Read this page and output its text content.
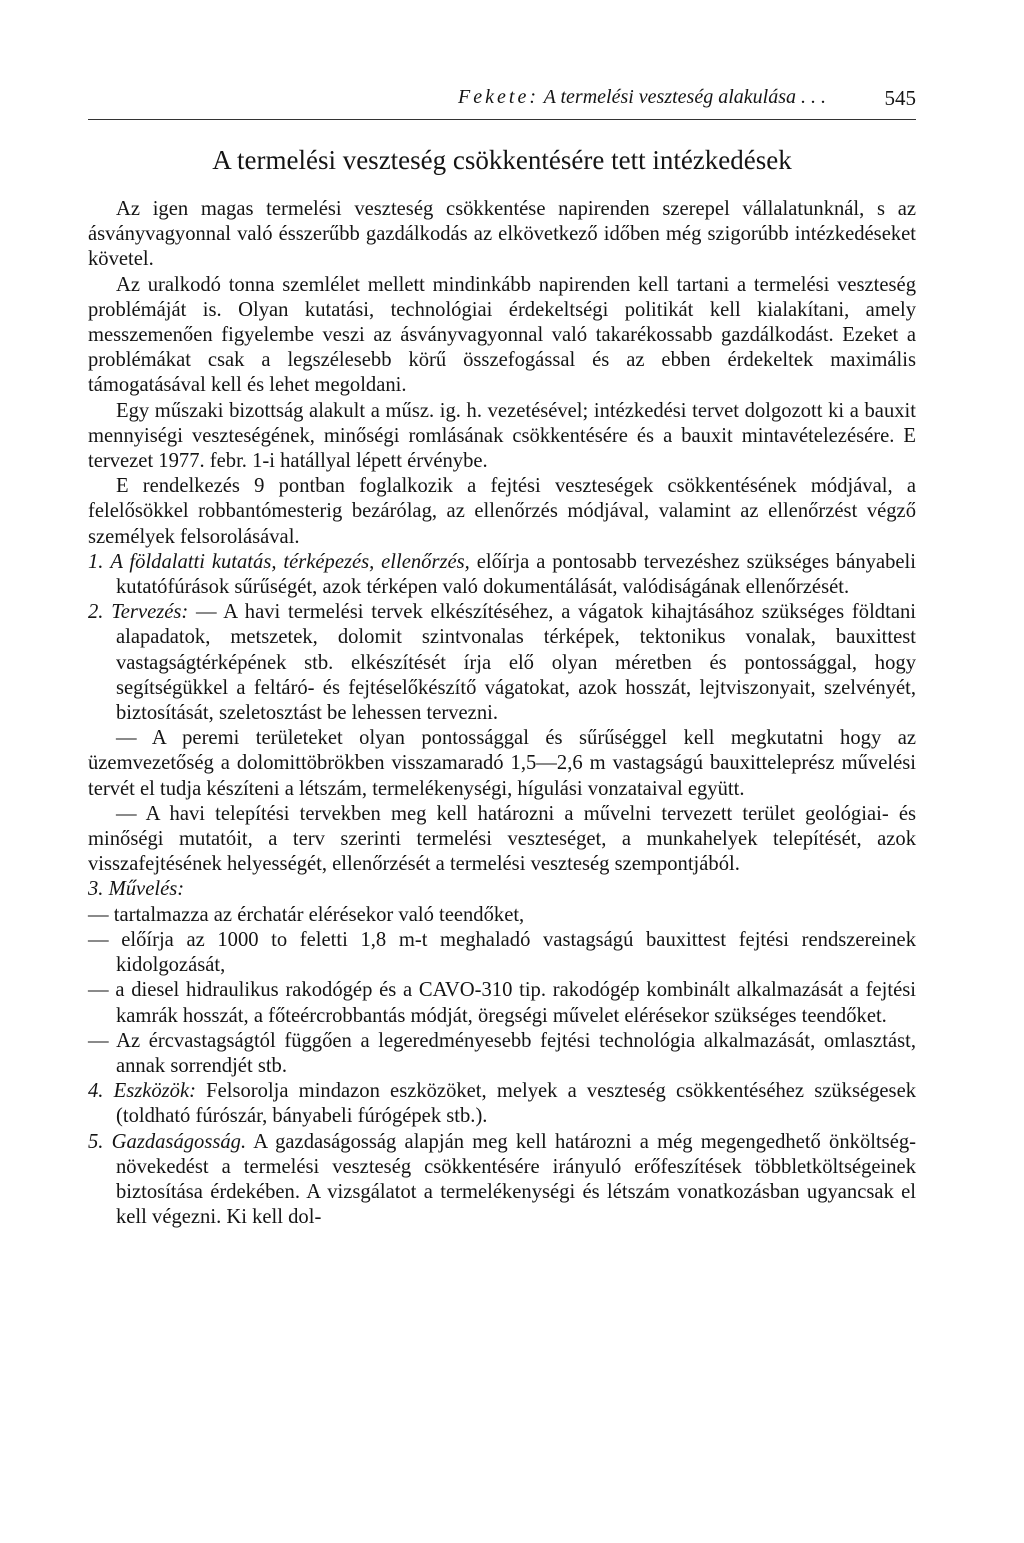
Fekete: A termelési veszteség alakulása . . .	545
A termelési veszteség csökkentésére tett intézkedések

Az igen magas termelési veszteség csökkentése napirenden szerepel vállalatunknál, s az ásványvagyonnal való ésszerűbb gazdálkodás az elkövetkező időben még szigorúbb intézkedéseket követel.

Az uralkodó tonna szemlélet mellett mindinkább napirenden kell tartani a termelési veszteség problémáját is. Olyan kutatási, technológiai érdekeltségi politikát kell kialakítani, amely messzemenően figyelembe veszi az ásványvagyonnal való takarékossabb gazdálkodást. Ezeket a problémákat csak a legszélesebb körű összefogással és az ebben érdekeltek maximális támogatásával kell és lehet megoldani.

Egy műszaki bizottság alakult a műsz. ig. h. vezetésével; intézkedési tervet dolgozott ki a bauxit mennyiségi veszteségének, minőségi romlásának csökkentésére és a bauxit mintavételezésére. E tervezet 1977. febr. 1-i hatállyal lépett érvénybe.

E rendelkezés 9 pontban foglalkozik a fejtési veszteségek csökkentésének módjával, a felelősökkel robbantómesterig bezárólag, az ellenőrzés módjával, valamint az ellenőrzést végző személyek felsorolásával.

1. A földalatti kutatás, térképezés, ellenőrzés, előírja a pontosabb tervezéshez szükséges bányabeli kutatófúrások sűrűségét, azok térképen való dokumentálását, valódiságának ellenőrzését.

2. Tervezés: — A havi termelési tervek elkészítéséhez, a vágatok kihajtásához szükséges földtani alapadatok, metszetek, dolomit szintvonalas térképek, tektonikus vonalak, bauxittest vastagságtérképének stb. elkészítését írja elő olyan méretben és pontossággal, hogy segítségükkel a feltáró- és fejtéselőkészítő vágatokat, azok hosszát, lejtviszonyait, szelvényét, biztosítását, szeletosztást be lehessen tervezni.

— A peremi területeket olyan pontossággal és sűrűséggel kell megkutatni hogy az üzemvezetőség a dolomittöbrökben visszamaradó 1,5—2,6 m vastagságú bauxitteleprész művelési tervét el tudja készíteni a létszám, termelékenységi, hígulási vonzataival együtt.

— A havi telepítési tervekben meg kell határozni a művelni tervezett terület geológiai- és minőségi mutatóit, a terv szerinti termelési veszteséget, a munkahelyek telepítését, azok visszafejtésének helyességét, ellenőrzését a termelési veszteség szempontjából.

3. Művelés:

— tartalmazza az érchatár elérésekor való teendőket,

— előírja az 1000 to feletti 1,8 m-t meghaladó vastagságú bauxittest fejtési rendszereinek kidolgozását,

— a diesel hidraulikus rakodógép és a CAVO-310 tip. rakodógép kombinált alkalmazását a fejtési kamrák hosszát, a főteércrobbantás módját, öregségi művelet elérésekor szükséges teendőket.

— Az ércvastagságtól függően a legeredményesebb fejtési technológia alkalmazását, omlasztást, annak sorrendjét stb.

4. Eszközök: Felsorolja mindazon eszközöket, melyek a veszteség csökkentéséhez szükségesek (toldható fúrószár, bányabeli fúrógépek stb.).

5. Gazdaságosság. A gazdaságosság alapján meg kell határozni a még megengedhető önköltség-növekedést a termelési veszteség csökkentésére irányuló erőfeszítések többletköltségeinek biztosítása érdekében. A vizsgálatot a termelékenységi és létszám vonatkozásban ugyancsak el kell végezni. Ki kell dol-
